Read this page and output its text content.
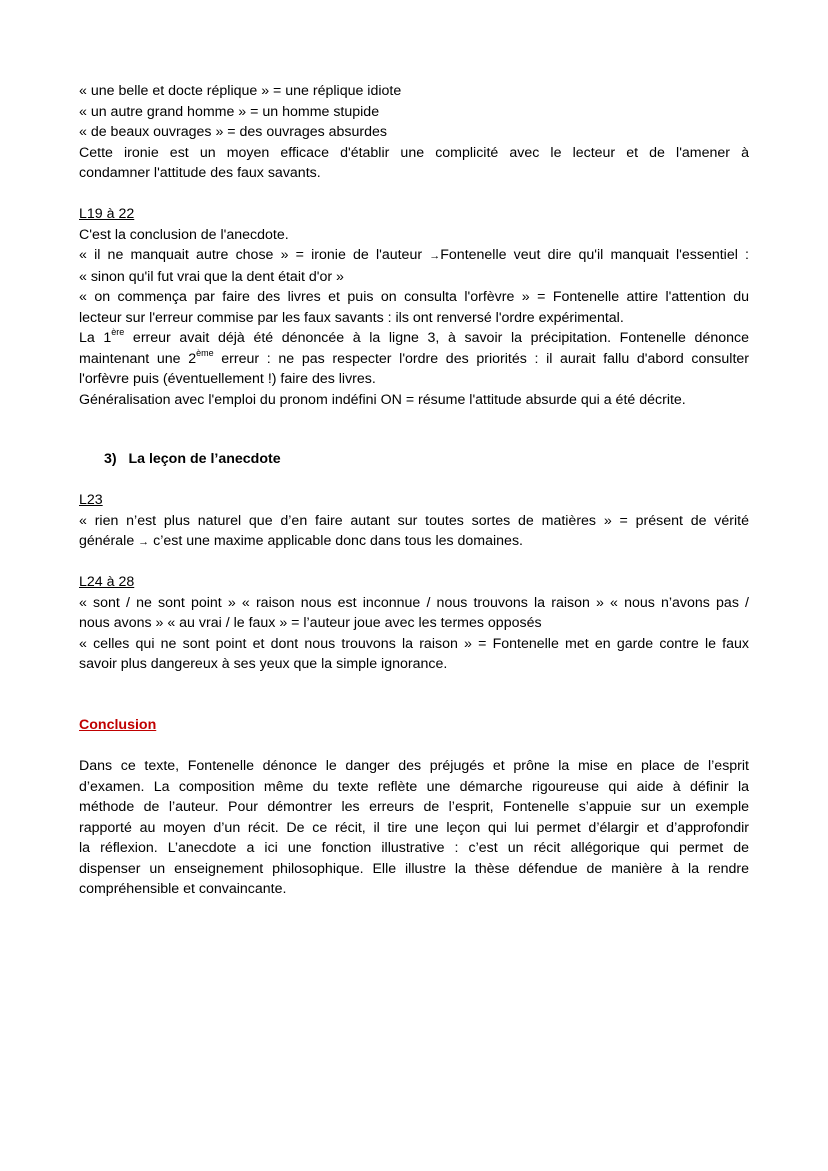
« une belle et docte réplique » = une réplique idiote
« un autre grand homme » = un homme stupide
« de beaux ouvrages » = des ouvrages absurdes
Cette ironie est un moyen efficace d'établir une complicité avec le lecteur et de l'amener à
condamner l'attitude des faux savants.
L19 à 22
C'est la conclusion de l'anecdote.
« il ne manquait autre chose » = ironie de l'auteur →Fontenelle veut dire qu'il manquait l'essentiel :
« sinon qu'il fut vrai que la dent était d'or »
« on commença par faire des livres et puis on consulta l'orfèvre » = Fontenelle attire l'attention du
lecteur sur l'erreur commise par les faux savants : ils ont renversé l'ordre expérimental.
La 1ère erreur avait déjà été dénoncée à la ligne 3, à savoir la précipitation. Fontenelle dénonce
maintenant une 2ème erreur : ne pas respecter l'ordre des priorités : il aurait fallu d'abord consulter
l'orfèvre puis (éventuellement !) faire des livres.
Généralisation avec l'emploi du pronom indéfini ON = résume l'attitude absurde qui a été décrite.
3) La leçon de l’anecdote
L23
« rien n’est plus naturel que d’en faire autant sur toutes sortes de matières » = présent de vérité
générale → c’est une maxime applicable donc dans tous les domaines.
L24 à 28
« sont / ne sont point » « raison nous est inconnue / nous trouvons la raison » « nous n’avons pas /
nous avons » « au vrai / le faux » = l’auteur joue avec les termes opposés
« celles qui ne sont point et dont nous trouvons la raison » = Fontenelle met en garde contre le faux
savoir plus dangereux à ses yeux que la simple ignorance.
Conclusion
Dans ce texte, Fontenelle dénonce le danger des préjugés et prône la mise en place de l’esprit
d’examen. La composition même du texte reflète une démarche rigoureuse qui aide à définir la
méthode de l’auteur. Pour démontrer les erreurs de l’esprit, Fontenelle s’appuie sur un exemple
rapporté au moyen d’un récit. De ce récit, il tire une leçon qui lui permet d’élargir et d’approfondir
la réflexion. L’anecdote a ici une fonction illustrative : c’est un récit allégorique qui permet de
dispenser un enseignement philosophique. Elle illustre la thèse défendue de manière à la rendre
compréhensible et convaincante.
